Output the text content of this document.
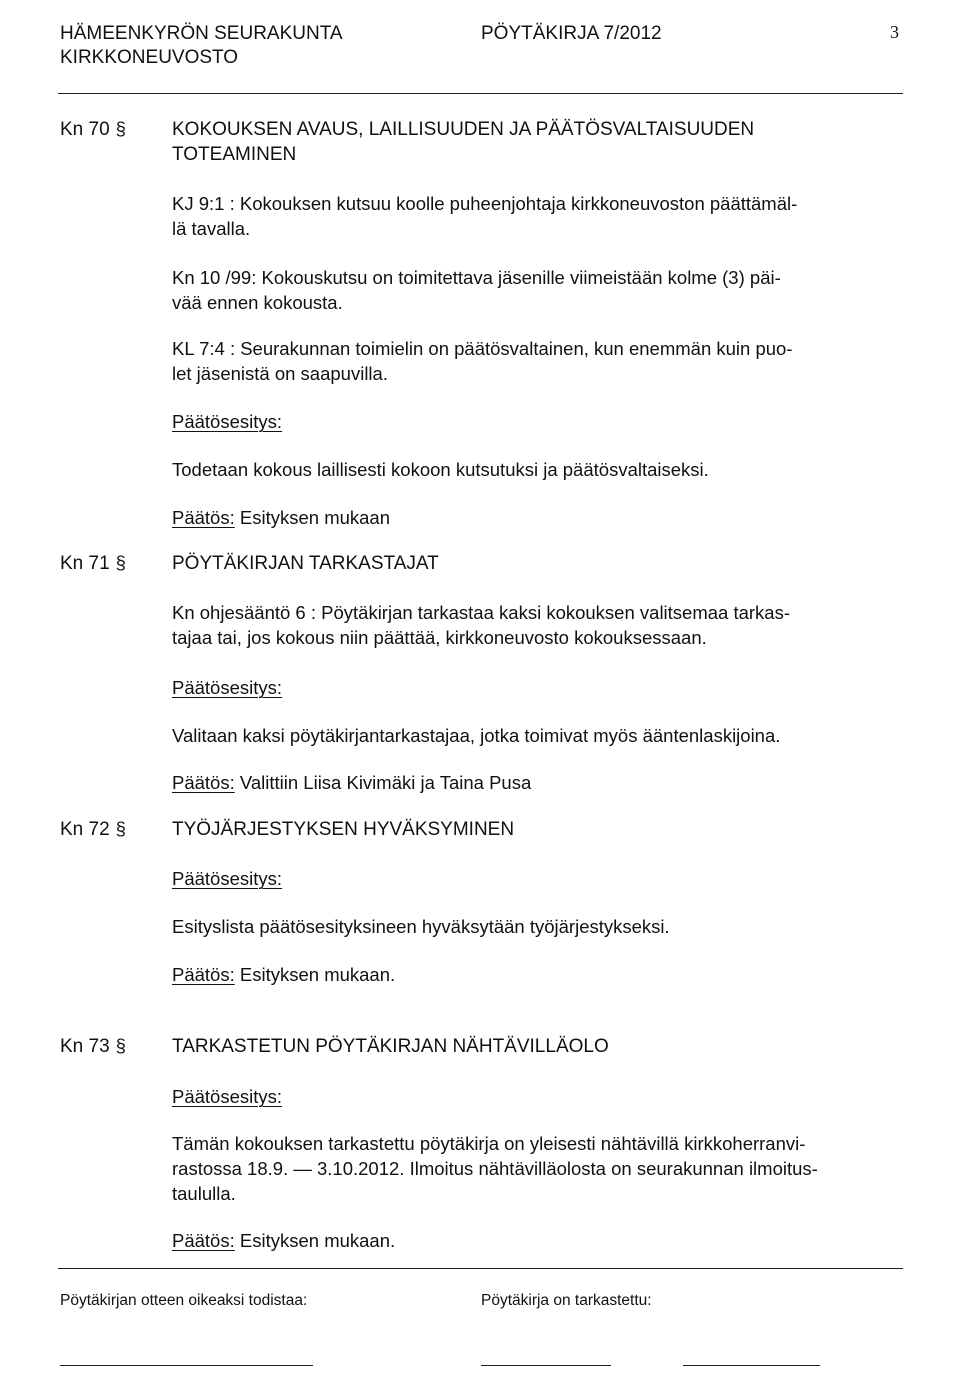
HÄMEENKYRÖN SEURAKUNTA
KIRKKONEUVOSTO
PÖYTÄKIRJA 7/2012	3
Kn 70 § KOKOUKSEN AVAUS, LAILLISUUDEN JA PÄÄTÖSVALTAISUUDEN
TOTEAMINEN
KJ 9:1 : Kokouksen kutsuu koolle puheenjohtaja kirkkoneuvoston päättämäl-
lä tavalla.
Kn 10 /99: Kokouskutsu on toimitettava jäsenille viimeistään kolme (3) päi-
vää ennen kokousta.
KL 7:4 : Seurakunnan toimielin on päätösvaltainen, kun enemmän kuin puo-
let jäsenistä on saapuvilla.
Päätösesitys:
Todetaan kokous laillisesti kokoon kutsutuksi ja päätösvaltaiseksi.
Päätös: Esityksen mukaan
Kn 71 § PÖYTÄKIRJAN TARKASTAJAT
Kn ohjesääntö 6 : Pöytäkirjan tarkastaa kaksi kokouksen valitsemaa tarkas-
tajaa tai, jos kokous niin päättää, kirkkoneuvosto kokouksessaan.
Päätösesitys:
Valitaan kaksi pöytäkirjantarkastajaa, jotka toimivat myös ääntenlaskijoina.
Päätös: Valittiin Liisa Kivimäki ja Taina Pusa
Kn 72 § TYÖJÄRJESTYKSEN HYVÄKSYMINEN
Päätösesitys:
Esityslista päätösesityksineen hyväksytään työjärjestykseksi.
Päätös: Esityksen mukaan.
Kn 73 § TARKASTETUN PÖYTÄKIRJAN NÄHTÄVILLÄOLO
Päätösesitys:
Tämän kokouksen tarkastettu pöytäkirja on yleisesti nähtävillä kirkkoherranvi-
rastossa 18.9. — 3.10.2012. Ilmoitus nähtävilläolosta on seurakunnan ilmoitus-
taululla.
Päätös: Esityksen mukaan.
Pöytäkirjan otteen oikeaksi todistaa:	Pöytäkirja on tarkastettu:
